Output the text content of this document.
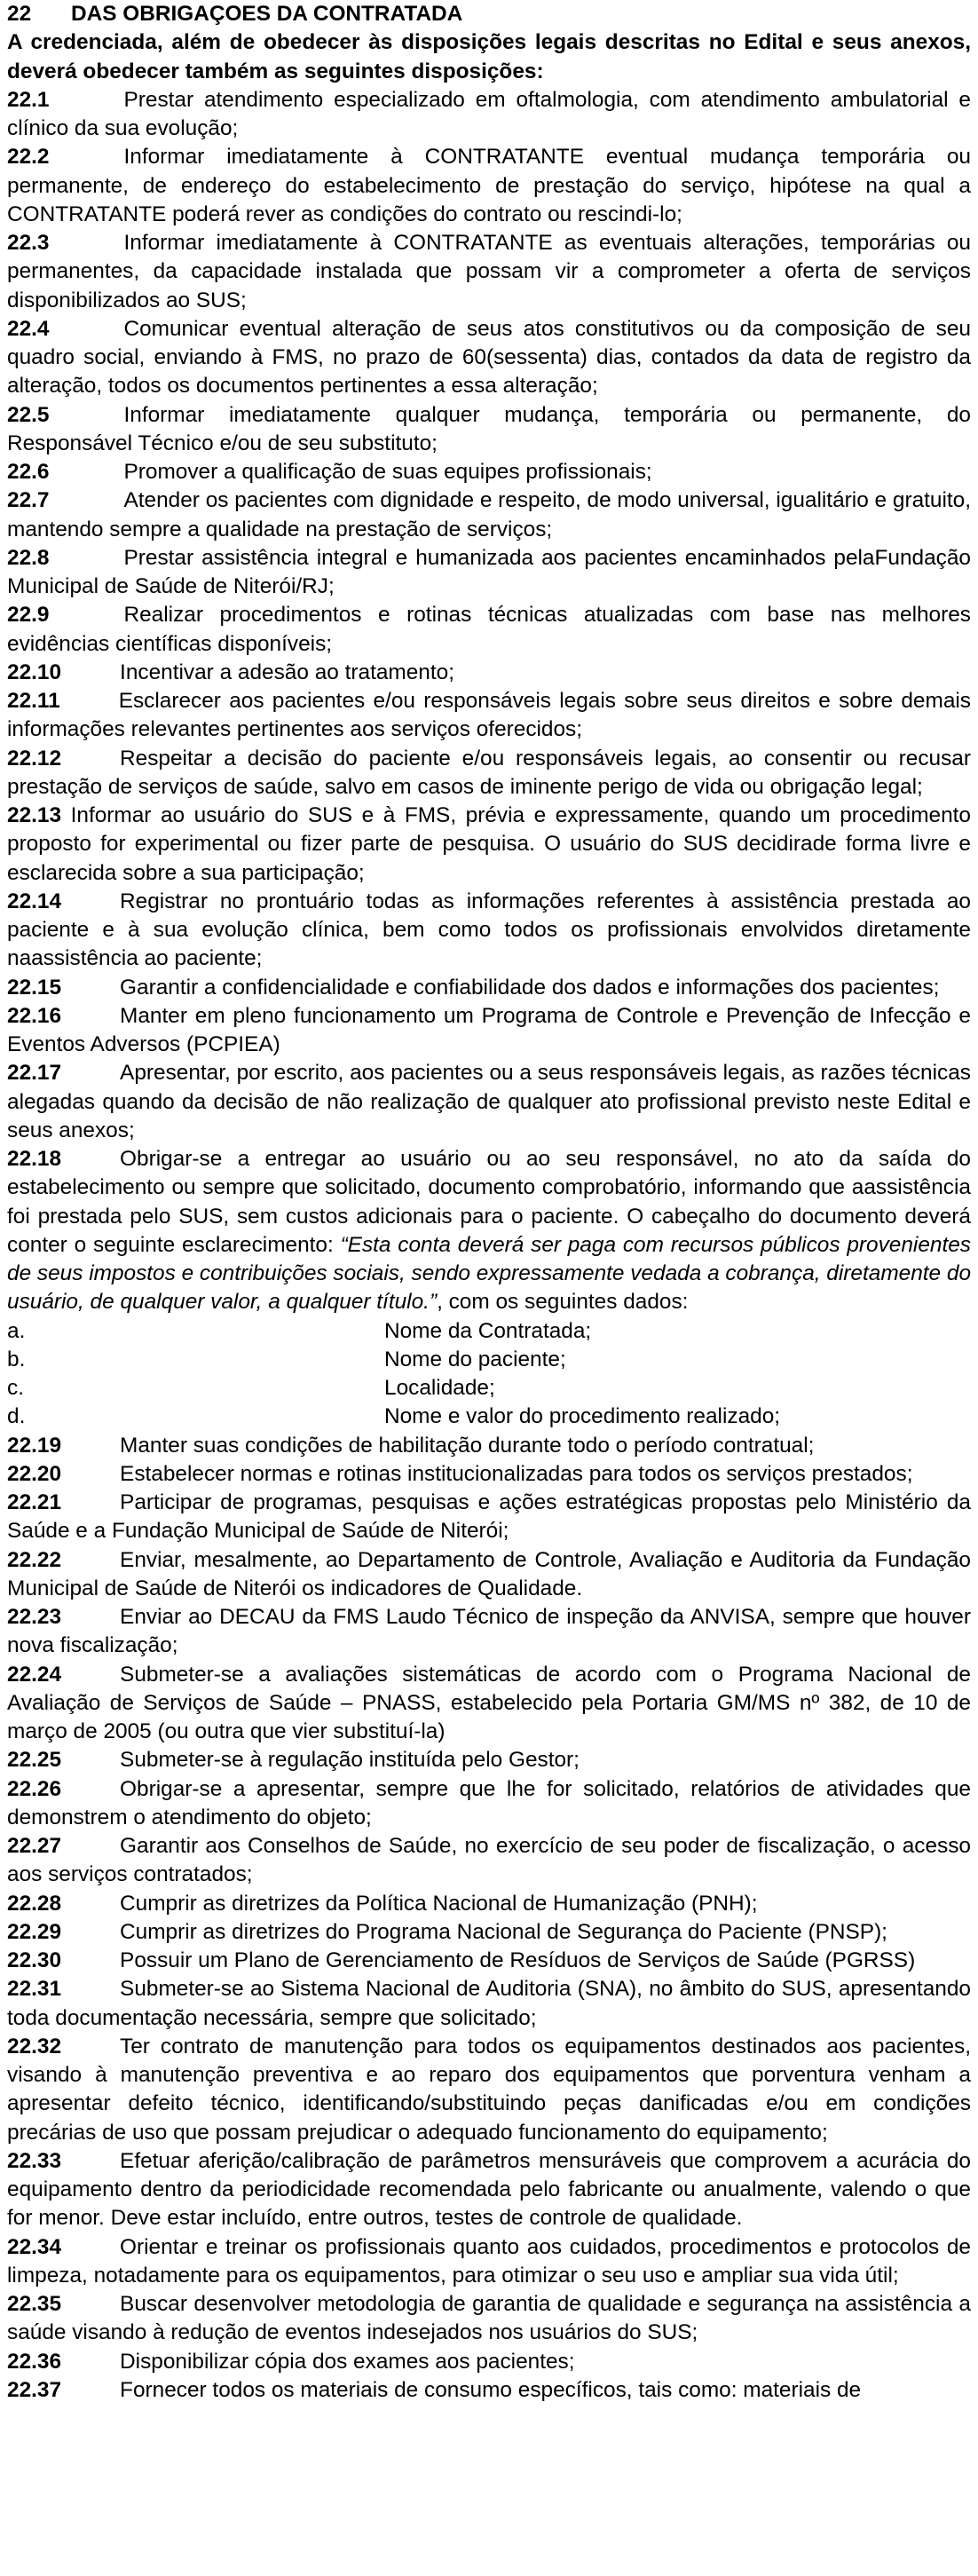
22	DAS OBRIGAÇOES DA CONTRATADA

A credenciada, além de obedecer às disposições legais descritas no Edital e seus anexos, deverá obedecer também as seguintes disposições:

22.1	Prestar atendimento especializado em oftalmologia, com atendimento ambulatorial e clínico da sua evolução;

22.2	Informar imediatamente à CONTRATANTE eventual mudança temporária ou permanente, de endereço do estabelecimento de prestação do serviço, hipótese na qual a CONTRATANTE poderá rever as condições do contrato ou rescindi-lo;

22.3	Informar imediatamente à CONTRATANTE as eventuais alterações, temporárias ou permanentes, da capacidade instalada que possam vir a comprometer a oferta de serviços disponibilizados ao SUS;

22.4	Comunicar eventual alteração de seus atos constitutivos ou da composição de seu quadro social, enviando à FMS, no prazo de 60(sessenta) dias, contados da data de registro da alteração, todos os documentos pertinentes a essa alteração;

22.5	Informar imediatamente qualquer mudança, temporária ou permanente, do Responsável Técnico e/ou de seu substituto;

22.6	Promover a qualificação de suas equipes profissionais;

22.7	Atender os pacientes com dignidade e respeito, de modo universal, igualitário e gratuito, mantendo sempre a qualidade na prestação de serviços;

22.8	Prestar assistência integral e humanizada aos pacientes encaminhados pelaFundação Municipal de Saúde de Niterói/RJ;

22.9	Realizar procedimentos e rotinas técnicas atualizadas com base nas melhores evidências científicas disponíveis;

22.10	Incentivar a adesão ao tratamento;

22.11	Esclarecer aos pacientes e/ou responsáveis legais sobre seus direitos e sobre demais informações relevantes pertinentes aos serviços oferecidos;

22.12	Respeitar a decisão do paciente e/ou responsáveis legais, ao consentir ou recusar prestação de serviços de saúde, salvo em casos de iminente perigo de vida ou obrigação legal;

22.13 Informar ao usuário do SUS e à FMS, prévia e expressamente, quando um procedimento proposto for experimental ou fizer parte de pesquisa. O usuário do SUS decidirade forma livre e esclarecida sobre a sua participação;

22.14	Registrar no prontuário todas as informações referentes à assistência prestada ao paciente e à sua evolução clínica, bem como todos os profissionais envolvidos diretamente naassistência ao paciente;

22.15	Garantir a confidencialidade e confiabilidade dos dados e informações dos pacientes;

22.16	Manter em pleno funcionamento um Programa de Controle e Prevenção de Infecção e Eventos Adversos (PCPIEA)

22.17	Apresentar, por escrito, aos pacientes ou a seus responsáveis legais, as razões técnicas alegadas quando da decisão de não realização de qualquer ato profissional previsto neste Edital e seus anexos;

22.18	Obrigar-se a entregar ao usuário ou ao seu responsável, no ato da saída do estabelecimento ou sempre que solicitado, documento comprobatório, informando que aassistência foi prestada pelo SUS, sem custos adicionais para o paciente. O cabeçalho do documento deverá conter o seguinte esclarecimento: “Esta conta deverá ser paga com recursos públicos provenientes de seus impostos e contribuições sociais, sendo expressamente vedada a cobrança, diretamente do usuário, de qualquer valor, a qualquer título.”, com os seguintes dados:

a.	Nome da Contratada;
b.	Nome do paciente;
c.	Localidade;
d.	Nome e valor do procedimento realizado;

22.19	Manter suas condições de habilitação durante todo o período contratual;

22.20	Estabelecer normas e rotinas institucionalizadas para todos os serviços prestados;

22.21	Participar de programas, pesquisas e ações estratégicas propostas pelo Ministério da Saúde e a Fundação Municipal de Saúde de Niterói;

22.22	Enviar, mesalmente, ao Departamento de Controle, Avaliação e Auditoria da Fundação Municipal de Saúde de Niterói os indicadores de Qualidade.

22.23	Enviar ao DECAU da FMS Laudo Técnico de inspeção da ANVISA, sempre que houver nova fiscalização;

22.24	Submeter-se a avaliações sistemáticas de acordo com o Programa Nacional de Avaliação de Serviços de Saúde – PNASS, estabelecido pela Portaria GM/MS nº 382, de 10 de março de 2005 (ou outra que vier substituí-la)

22.25	Submeter-se à regulação instituída pelo Gestor;

22.26	Obrigar-se a apresentar, sempre que lhe for solicitado, relatórios de atividades que demonstrem o atendimento do objeto;

22.27	Garantir aos Conselhos de Saúde, no exercício de seu poder de fiscalização, o acesso aos serviços contratados;

22.28	Cumprir as diretrizes da Política Nacional de Humanização (PNH);

22.29	Cumprir as diretrizes do Programa Nacional de Segurança do Paciente (PNSP);

22.30	Possuir um Plano de Gerenciamento de Resíduos de Serviços de Saúde (PGRSS)

22.31	Submeter-se ao Sistema Nacional de Auditoria (SNA), no âmbito do SUS, apresentando toda documentação necessária, sempre que solicitado;

22.32	Ter contrato de manutenção para todos os equipamentos destinados aos pacientes, visando à manutenção preventiva e ao reparo dos equipamentos que porventura venham a apresentar defeito técnico, identificando/substituindo peças danificadas e/ou em condições precárias de uso que possam prejudicar o adequado funcionamento do equipamento;

22.33	Efetuar aferição/calibração de parâmetros mensuráveis que comprovem a acurácia do equipamento dentro da periodicidade recomendada pelo fabricante ou anualmente, valendo o que for menor. Deve estar incluído, entre outros, testes de controle de qualidade.

22.34	Orientar e treinar os profissionais quanto aos cuidados, procedimentos e protocolos de limpeza, notadamente para os equipamentos, para otimizar o seu uso e ampliar sua vida útil;

22.35	Buscar desenvolver metodologia de garantia de qualidade e segurança na assistência a saúde visando à redução de eventos indesejados nos usuários do SUS;

22.36	Disponibilizar cópia dos exames aos pacientes;

22.37	Fornecer todos os materiais de consumo específicos, tais como: materiais de
